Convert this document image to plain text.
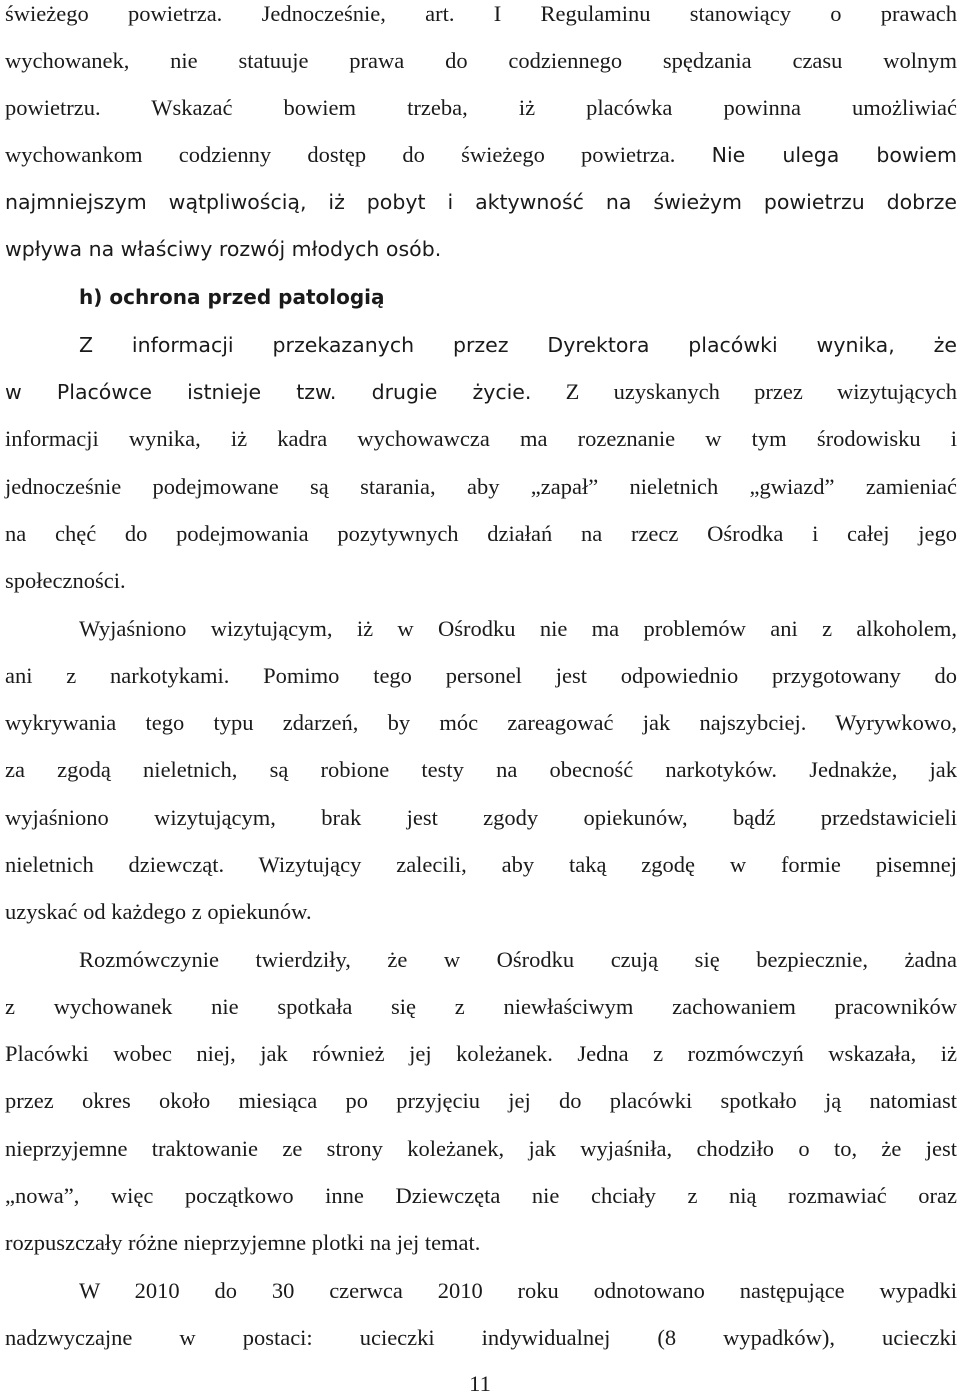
świeżego powietrza. Jednocześnie, art. I Regulaminu stanowiący o prawach
wychowanek, nie statuuje prawa do codziennego spędzania czasu wolnym
powietrzu. Wskazać bowiem trzeba, iż placówka powinna umożliwiać
wychowankom codzienny dostęp do świeżego powietrza. Nie ulega bowiem
najmniejszym wątpliwością, iż pobyt i aktywność na świeżym powietrzu dobrze
wpływa na właściwy rozwój młodych osób.
h) ochrona przed patologią
Z informacji przekazanych przez Dyrektora placówki wynika, że
w Placówce istnieje tzw. drugie życie. Z uzyskanych przez wizytujących
informacji wynika, iż kadra wychowawcza ma rozeznanie w tym środowisku i
jednocześnie podejmowane są starania, aby „zapał” nieletnich „gwiazd” zamieniać
na chęć do podejmowania pozytywnych działań na rzecz Ośrodka i całej jego
społeczności.
Wyjaśniono wizytującym, iż w Ośrodku nie ma problemów ani z alkoholem,
ani z narkotykami. Pomimo tego personel jest odpowiednio przygotowany do
wykrywania tego typu zdarzeń, by móc zareagować jak najszybciej. Wyrywkowo,
za zgodą nieletnich, są robione testy na obecność narkotyków. Jednakże, jak
wyjaśniono wizytującym, brak jest zgody opiekunów, bądź przedstawicieli
nieletnich dziewcząt. Wizytujący zalecili, aby taką zgodę w formie pisemnej
uzyskać od każdego z opiekunów.
Rozmówczynie twierdziły, że w Ośrodku czują się bezpiecznie, żadna
z wychowanek nie spotkała się z niewłaściwym zachowaniem pracowników
Placówki wobec niej, jak również jej koleżanek. Jedna z rozmówczyń wskazała, iż
przez okres około miesiąca po przyjęciu jej do placówki spotkało ją natomiast
nieprzyjemne traktowanie ze strony koleżanek, jak wyjaśniła, chodziło o to, że jest
„nowa”, więc początkowo inne Dziewczęta nie chciały z nią rozmawiać oraz
rozpuszczały różne nieprzyjemne plotki na jej temat.
W 2010 do 30 czerwca 2010 roku odnotowano następujące wypadki
nadzwyczajne w postaci: ucieczki indywidualnej (8 wypadków), ucieczki
11
